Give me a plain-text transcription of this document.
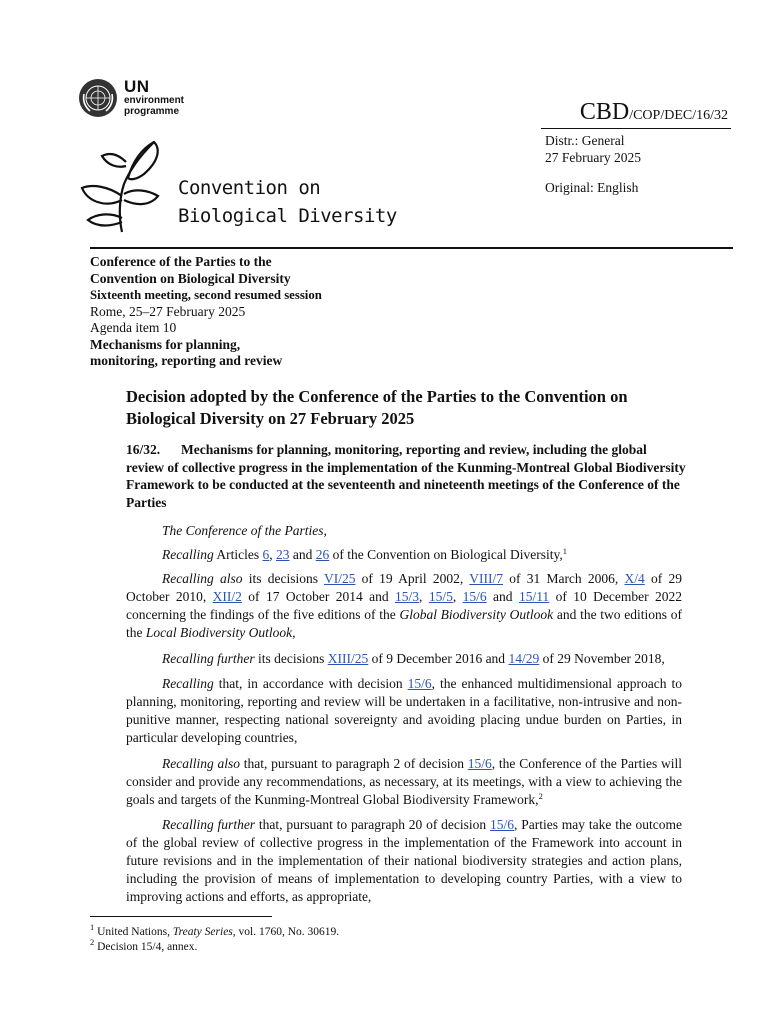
UN
environment
programme
Convention on
Biological Diversity
CBD/COP/DEC/16/32
Distr.: General
27 February 2025
Original: English
Conference of the Parties to the
Convention on Biological Diversity
Sixteenth meeting, second resumed session
Rome, 25–27 February 2025
Agenda item 10
Mechanisms for planning,
monitoring, reporting and review
Decision adopted by the Conference of the Parties to the Convention on Biological Diversity on 27 February 2025
16/32. Mechanisms for planning, monitoring, reporting and review, including the global review of collective progress in the implementation of the Kunming-Montreal Global Biodiversity Framework to be conducted at the seventeenth and nineteenth meetings of the Conference of the Parties

The Conference of the Parties,

Recalling Articles 6, 23 and 26 of the Convention on Biological Diversity,$^1$

Recalling also its decisions VI/25 of 19 April 2002, VIII/7 of 31 March 2006, X/4 of 29 October 2010, XII/2 of 17 October 2014 and 15/3, 15/5, 15/6 and 15/11 of 10 December 2022 concerning the findings of the five editions of the Global Biodiversity Outlook and the two editions of the Local Biodiversity Outlook,

Recalling further its decisions XIII/25 of 9 December 2016 and 14/29 of 29 November 2018,

Recalling that, in accordance with decision 15/6, the enhanced multidimensional approach to planning, monitoring, reporting and review will be undertaken in a facilitative, non-intrusive and non-punitive manner, respecting national sovereignty and avoiding placing undue burden on Parties, in particular developing countries,

Recalling also that, pursuant to paragraph 2 of decision 15/6, the Conference of the Parties will consider and provide any recommendations, as necessary, at its meetings, with a view to achieving the goals and targets of the Kunming-Montreal Global Biodiversity Framework,$^2$

Recalling further that, pursuant to paragraph 20 of decision 15/6, Parties may take the outcome of the global review of collective progress in the implementation of the Framework into account in future revisions and in the implementation of their national biodiversity strategies and action plans, including the provision of means of implementation to developing country Parties, with a view to improving actions and efforts, as appropriate,

$^1$ United Nations, Treaty Series, vol. 1760, No. 30619.
$^2$ Decision 15/4, annex.
